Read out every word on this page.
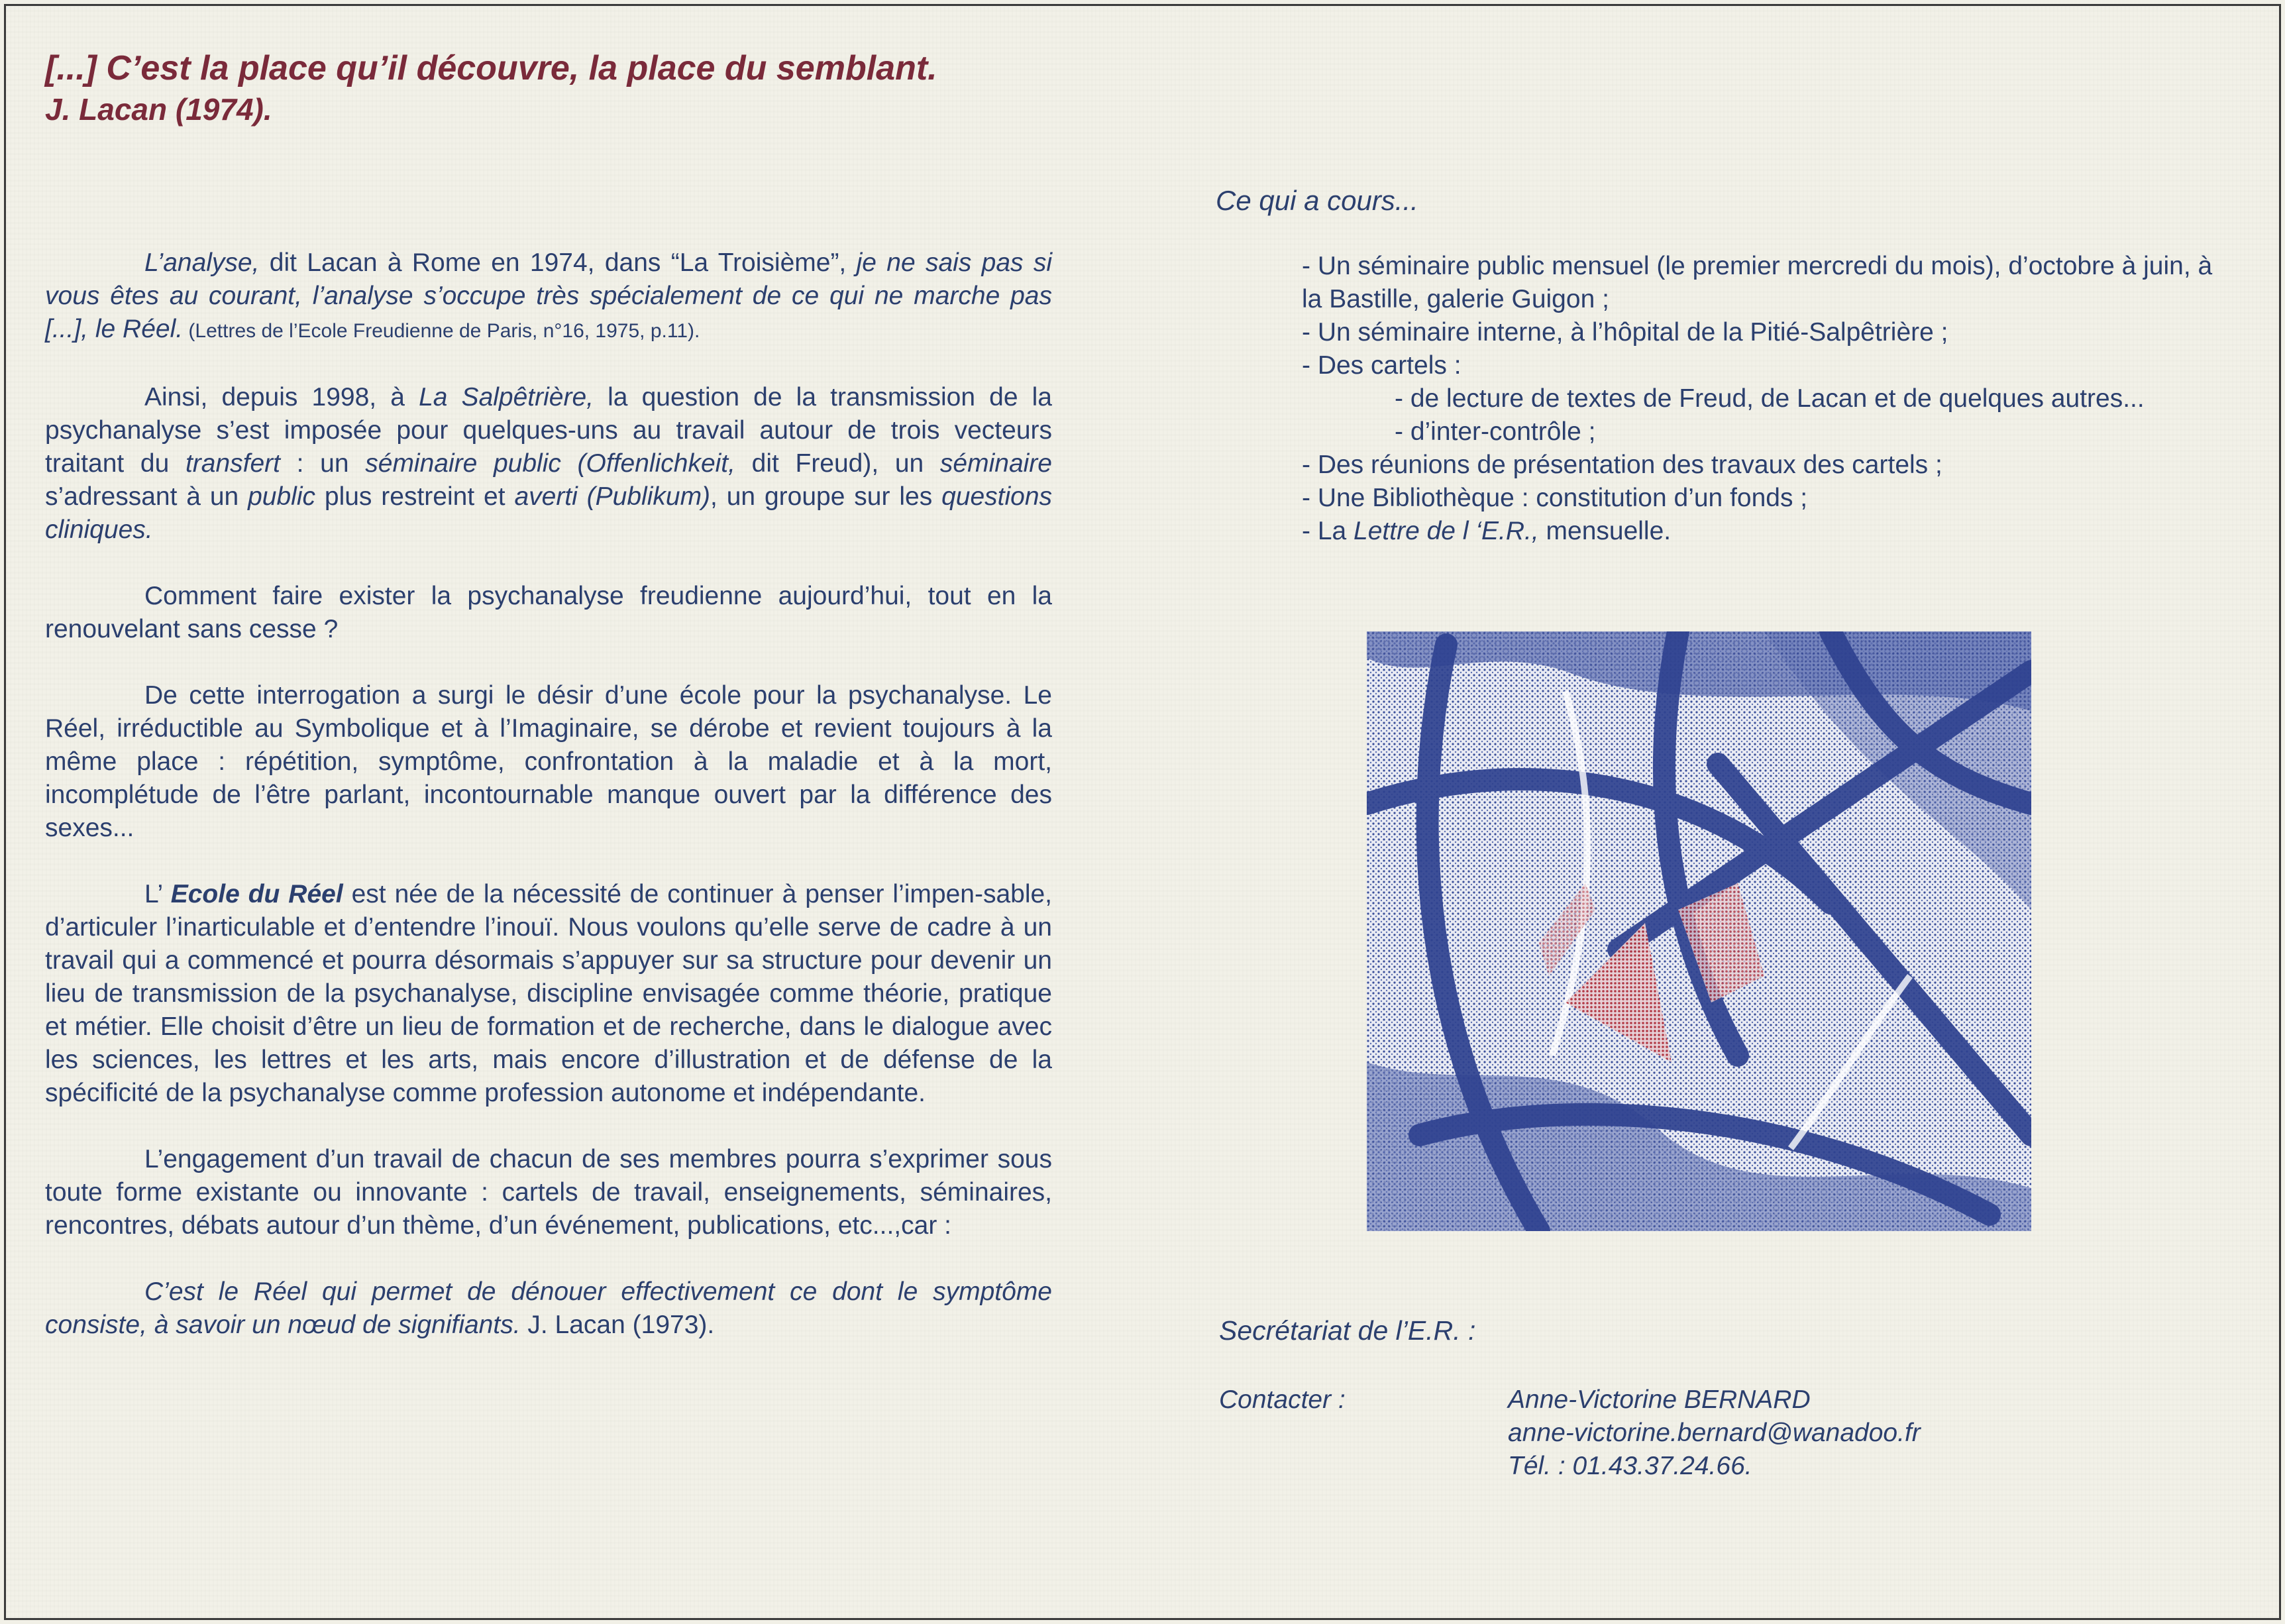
[...] C’est la place qu’il découvre, la place du semblant.
J. Lacan (1974).

L’analyse, dit Lacan à Rome en 1974, dans “La Troisième”, je ne sais pas si vous êtes au courant, l’analyse s’occupe très spécialement de ce qui ne marche pas [...], le Réel. (Lettres de l’Ecole Freudienne de Paris, n°16, 1975, p.11).

Ainsi, depuis 1998, à La Salpêtrière, la question de la transmission de la psychanalyse s’est imposée pour quelques-uns au travail autour de trois vecteurs traitant du transfert : un séminaire public (Offenlichkeit, dit Freud), un séminaire s’adressant à un public plus restreint et averti (Publikum), un groupe sur les questions cliniques.

Comment faire exister la psychanalyse freudienne aujourd’hui, tout en la renouvelant sans cesse ?

De cette interrogation a surgi le désir d’une école pour la psychanalyse. Le Réel, irréductible au Symbolique et à l’Imaginaire, se dérobe et revient toujours à la même place : répétition, symptôme, confrontation à la maladie et à la mort, incomplétude de l’être parlant, incontournable manque ouvert par la différence des sexes...

L’ Ecole du Réel est née de la nécessité de continuer à penser l’impen-sable, d’articuler l’inarticulable et d’entendre l’inouï. Nous voulons qu’elle serve de cadre à un travail qui a commencé et pourra désormais s’appuyer sur sa structure pour devenir un lieu de transmission de la psychanalyse, discipline envisagée comme théorie, pratique et métier. Elle choisit d’être un lieu de formation et de recherche, dans le dialogue avec les sciences, les lettres et les arts, mais encore d’illustration et de défense de la spécificité de la psychanalyse comme profession autonome et indépendante.

L’engagement d’un travail de chacun de ses membres pourra s’exprimer sous toute forme existante ou innovante : cartels de travail, enseignements, séminaires, rencontres, débats autour d’un thème, d’un événement, publications, etc...,car :

C’est le Réel qui permet de dénouer effectivement ce dont le symptôme consiste, à savoir un nœud de signifiants. J. Lacan (1973).

Ce qui a cours...
- Un séminaire public mensuel (le premier mercredi du mois), d’octobre à juin, à la Bastille, galerie Guigon ;
- Un séminaire interne, à l’hôpital de la Pitié-Salpêtrière ;
- Des cartels :
- de lecture de textes de Freud, de Lacan et de quelques autres...
- d’inter-contrôle ;
- Des réunions de présentation des travaux des cartels ;
- Une Bibliothèque : constitution d’un fonds ;
- La Lettre de l ‘E.R., mensuelle.
Secrétariat de l’E.R. :
Contacter :	Anne-Victorine BERNARD
anne-victorine.bernard@wanadoo.fr
Tél. : 01.43.37.24.66.
